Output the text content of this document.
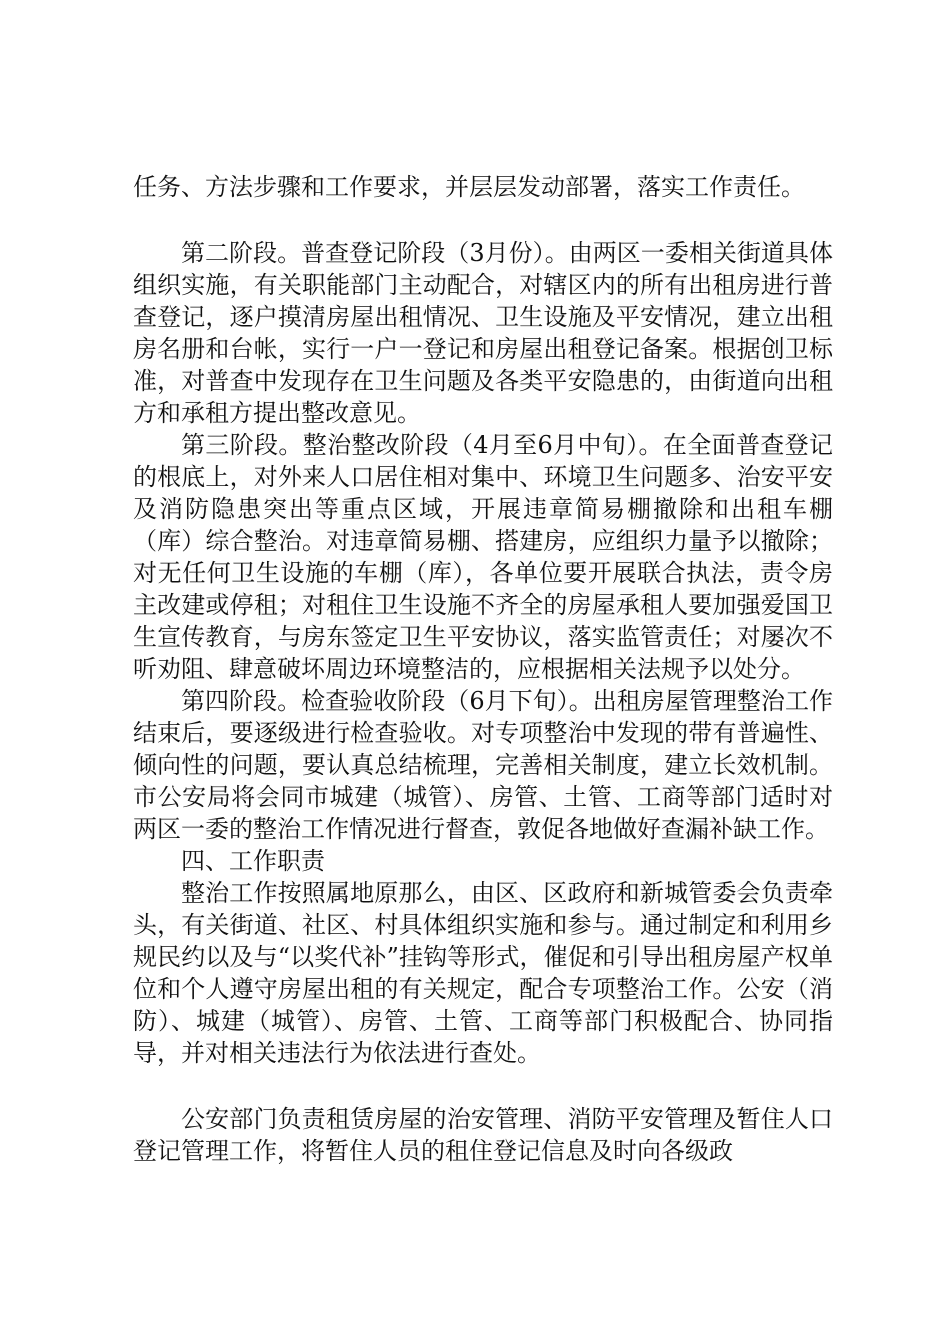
任务、方法步骤和工作要求，并层层发动部署，落实工作责任。

第二阶段。普查登记阶段（3月份）。由两区一委相关街道具体组织实施，有关职能部门主动配合，对辖区内的所有出租房进行普查登记，逐户摸清房屋出租情况、卫生设施及平安情况，建立出租房名册和台帐，实行一户一登记和房屋出租登记备案。根据创卫标准，对普查中发现存在卫生问题及各类平安隐患的，由街道向出租方和承租方提出整改意见。

第三阶段。整治整改阶段（4月至6月中旬）。在全面普查登记的根底上，对外来人口居住相对集中、环境卫生问题多、治安平安及消防隐患突出等重点区域，开展违章简易棚撤除和出租车棚（库）综合整治。对违章简易棚、搭建房，应组织力量予以撤除；对无任何卫生设施的车棚（库），各单位要开展联合执法，责令房主改建或停租；对租住卫生设施不齐全的房屋承租人要加强爱国卫生宣传教育，与房东签定卫生平安协议，落实监管责任；对屡次不听劝阻、肆意破坏周边环境整洁的，应根据相关法规予以处分。

第四阶段。检查验收阶段（6月下旬）。出租房屋管理整治工作结束后，要逐级进行检查验收。对专项整治中发现的带有普遍性、倾向性的问题，要认真总结梳理，完善相关制度，建立长效机制。市公安局将会同市城建（城管）、房管、土管、工商等部门适时对两区一委的整治工作情况进行督查，敦促各地做好查漏补缺工作。

四、工作职责

整治工作按照属地原那么，由区、区政府和新城管委会负责牵头，有关街道、社区、村具体组织实施和参与。通过制定和利用乡规民约以及与“以奖代补”挂钩等形式，催促和引导出租房屋产权单位和个人遵守房屋出租的有关规定，配合专项整治工作。公安（消防）、城建（城管）、房管、土管、工商等部门积极配合、协同指导，并对相关违法行为依法进行查处。

公安部门负责租赁房屋的治安管理、消防平安管理及暂住人口登记管理工作，将暂住人员的租住登记信息及时向各级政
